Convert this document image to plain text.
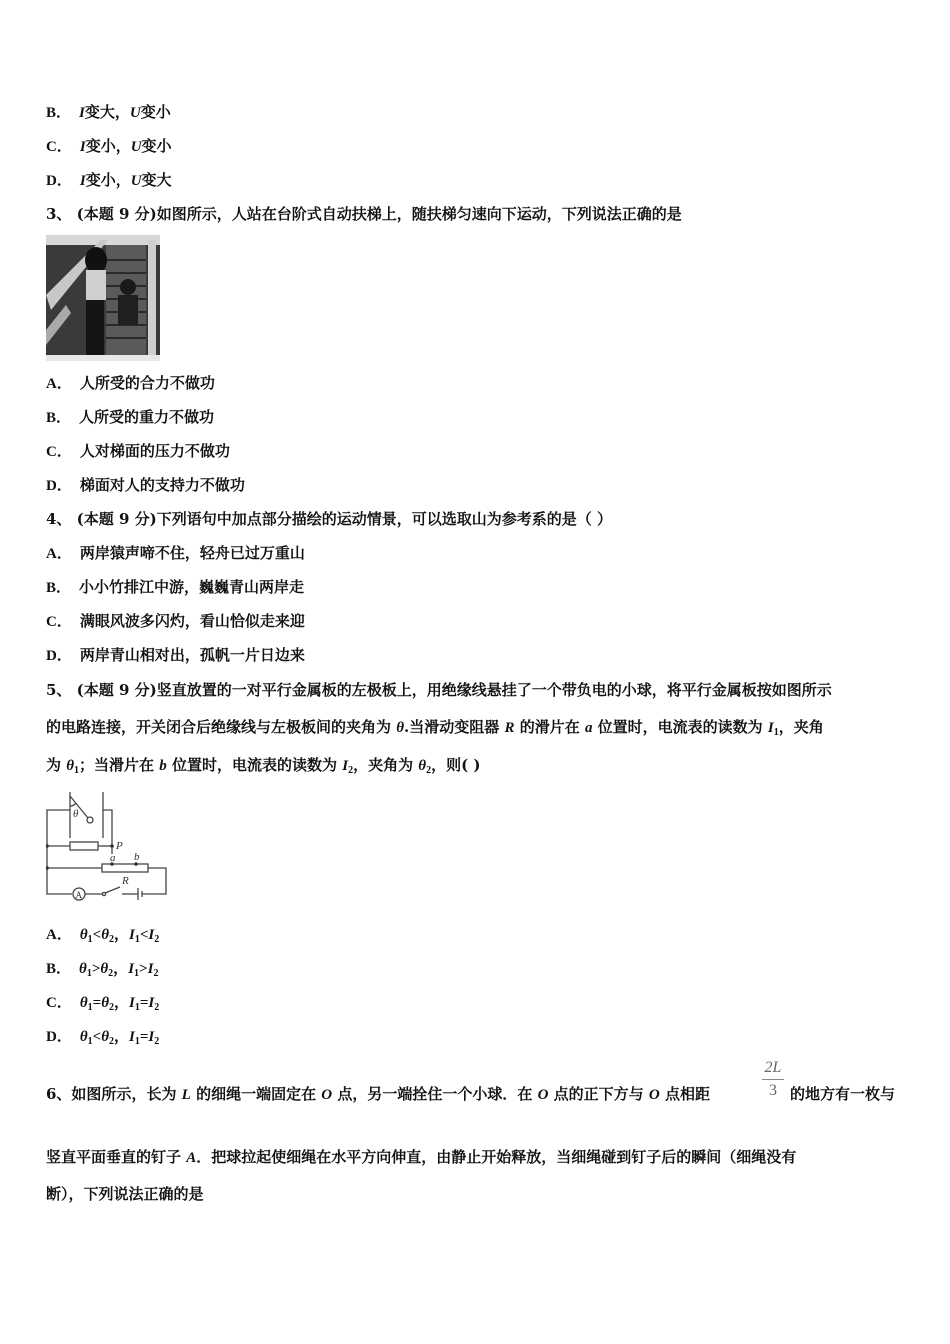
B． I变大，U变小
C． I变小，U变小
D． I变小，U变大
3、 (本题 9 分)如图所示，人站在台阶式自动扶梯上，随扶梯匀速向下运动，下列说法正确的是
A． 人所受的合力不做功
B． 人所受的重力不做功
C． 人对梯面的压力不做功
D． 梯面对人的支持力不做功
4、 (本题 9 分)下列语句中加点部分描绘的运动情景，可以选取山为参考系的是（ ）
A． 两岸猿声啼不住，轻舟已过万重山
B． 小小竹排江中游，巍巍青山两岸走
C． 满眼风波多闪灼，看山恰似走来迎
D． 两岸青山相对出，孤帆一片日边来
5、 (本题 9 分)竖直放置的一对平行金属板的左极板上，用绝缘线悬挂了一个带负电的小球，将平行金属板按如图所示
的电路连接，开关闭合后绝缘线与左极板间的夹角为 θ.当滑动变阻器 R 的滑片在 a 位置时，电流表的读数为 $I_1$，夹角
为 $\theta_1$；当滑片在 b 位置时，电流表的读数为 $I_2$，夹角为 $\theta_2$，则( )
θ
P
a b
R
A
A． $\theta_1<\theta_2$，$I_1<I_2$
B． $\theta_1>\theta_2$，$I_1>I_2$
C． $\theta_1=\theta_2$，$I_1=I_2$
D． $\theta_1<\theta_2$，$I_1=I_2$
6、如图所示，长为 L 的细绳一端固定在 O 点，另一端拴住一个小球．在 O 点的正下方与 O 点相距
2L
3 的地方有一枚与
竖直平面垂直的钉子 A．把球拉起使细绳在水平方向伸直，由静止开始释放，当细绳碰到钉子后的瞬间（细绳没有
断），下列说法正确的是
